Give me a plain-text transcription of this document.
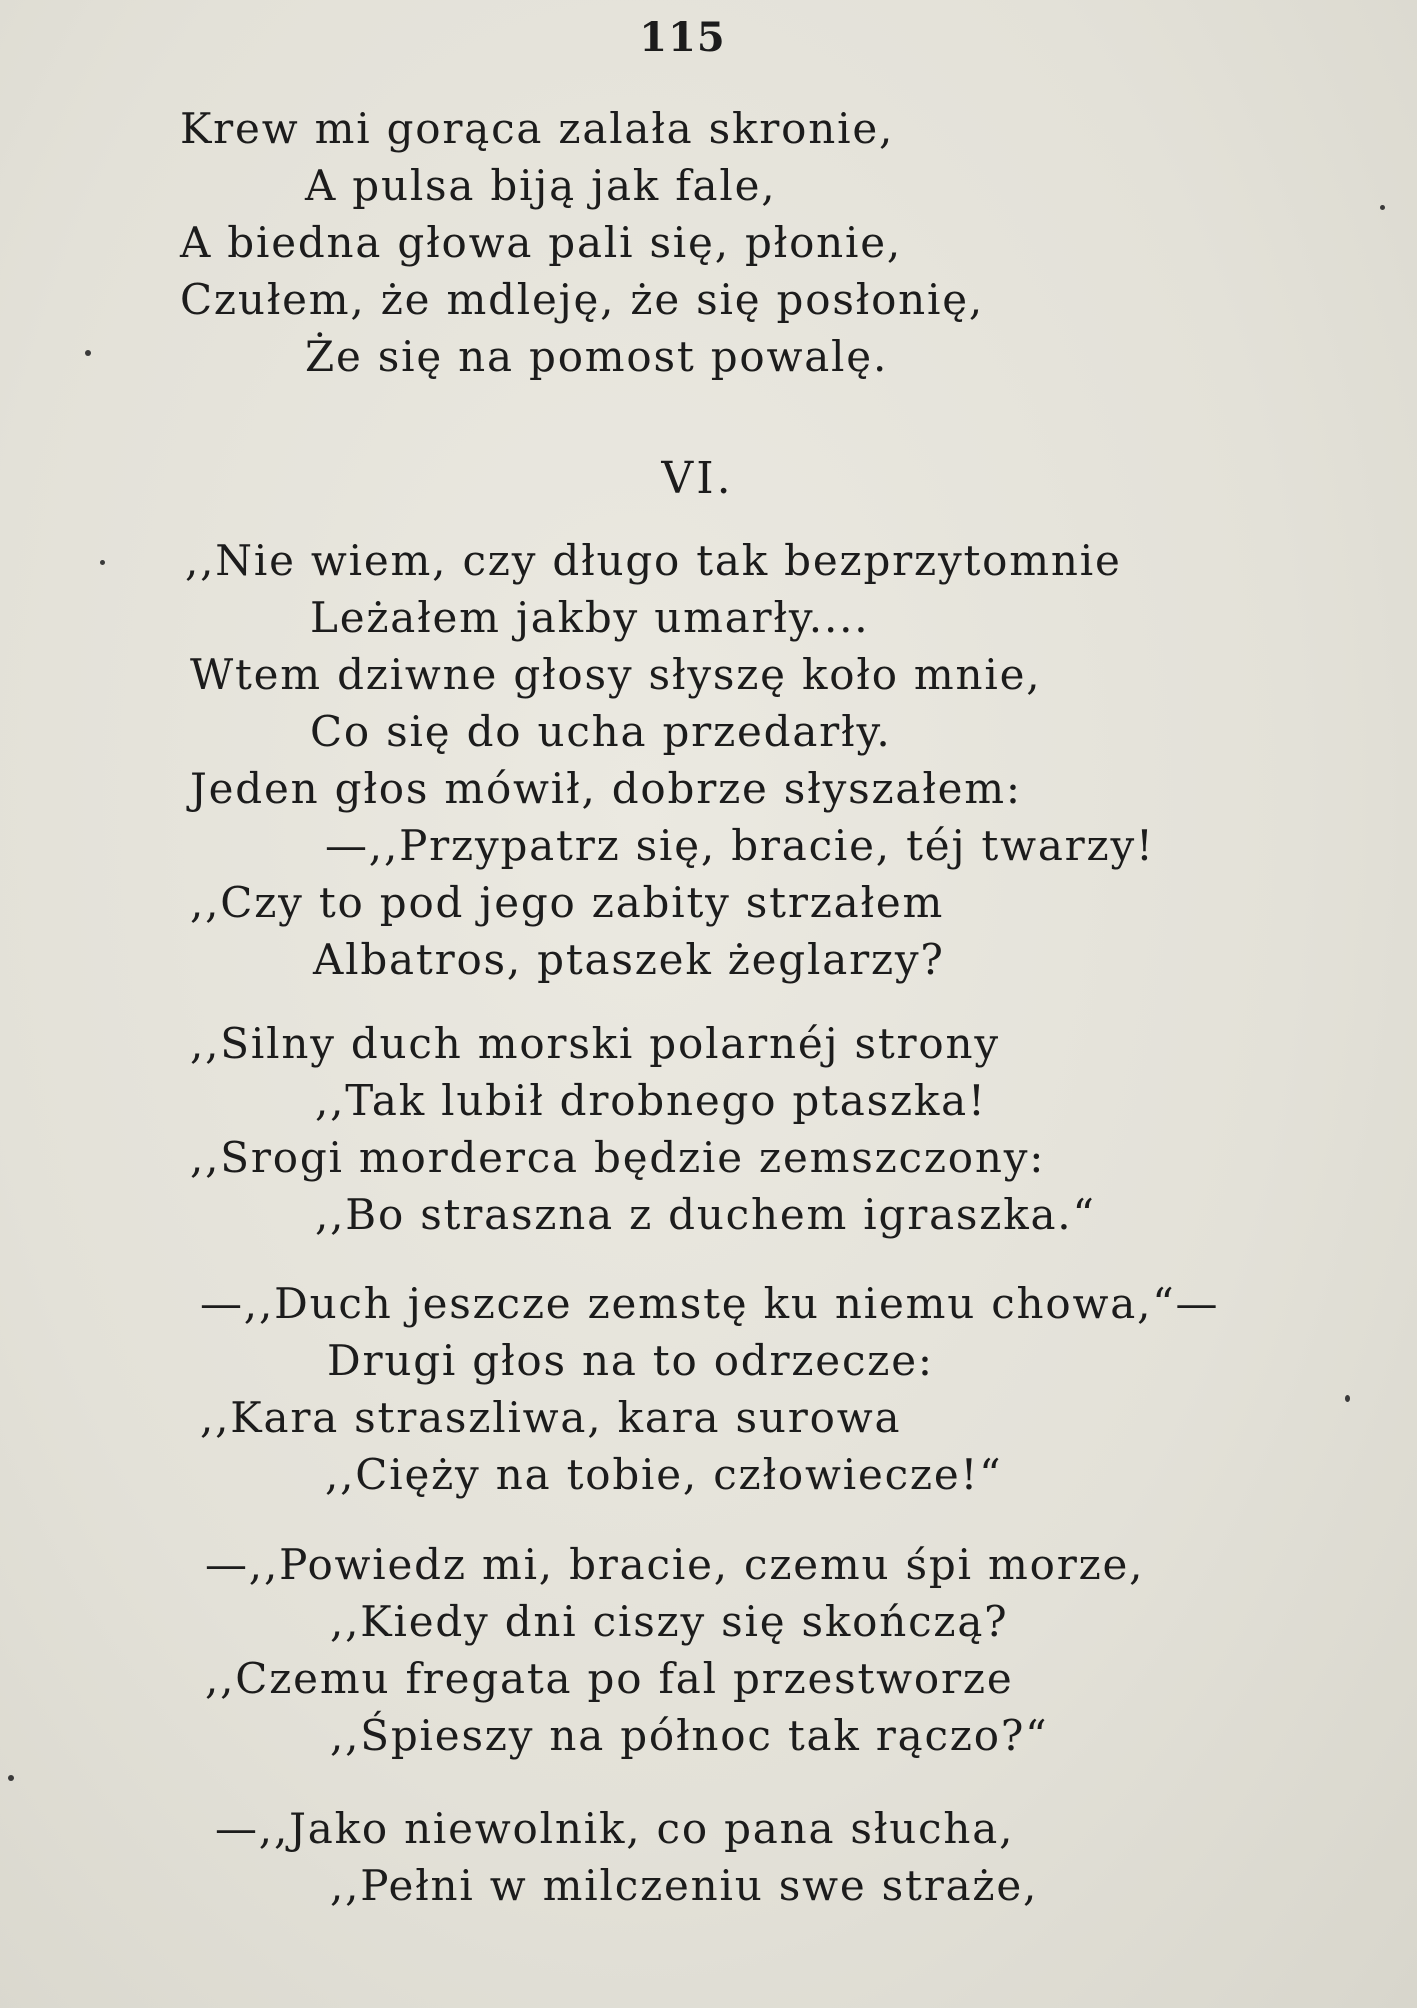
115
Krew mi gorąca zalała skronie,
A pulsa biją jak fale,
A biedna głowa pali się, płonie,
Czułem, że mdleję, że się posłonię,
Że się na pomost powalę.
VI.
,,Nie wiem, czy długo tak bezprzytomnie
Leżałem jakby umarły....
Wtem dziwne głosy słyszę koło mnie,
Co się do ucha przedarły.
Jeden głos mówił, dobrze słyszałem:
—,,Przypatrz się, bracie, téj twarzy!
,,Czy to pod jego zabity strzałem
Albatros, ptaszek żeglarzy?
,,Silny duch morski polarnéj strony
,,Tak lubił drobnego ptaszka!
,,Srogi morderca będzie zemszczony:
,,Bo straszna z duchem igraszka.“
—,,Duch jeszcze zemstę ku niemu chowa,“—
Drugi głos na to odrzecze:
,,Kara straszliwa, kara surowa
,,Cięży na tobie, człowiecze!“
—,,Powiedz mi, bracie, czemu śpi morze,
,,Kiedy dni ciszy się skończą?
,,Czemu fregata po fal przestworze
,,Śpieszy na północ tak rączo?“
—,,Jako niewolnik, co pana słucha,
,,Pełni w milczeniu swe straże,
